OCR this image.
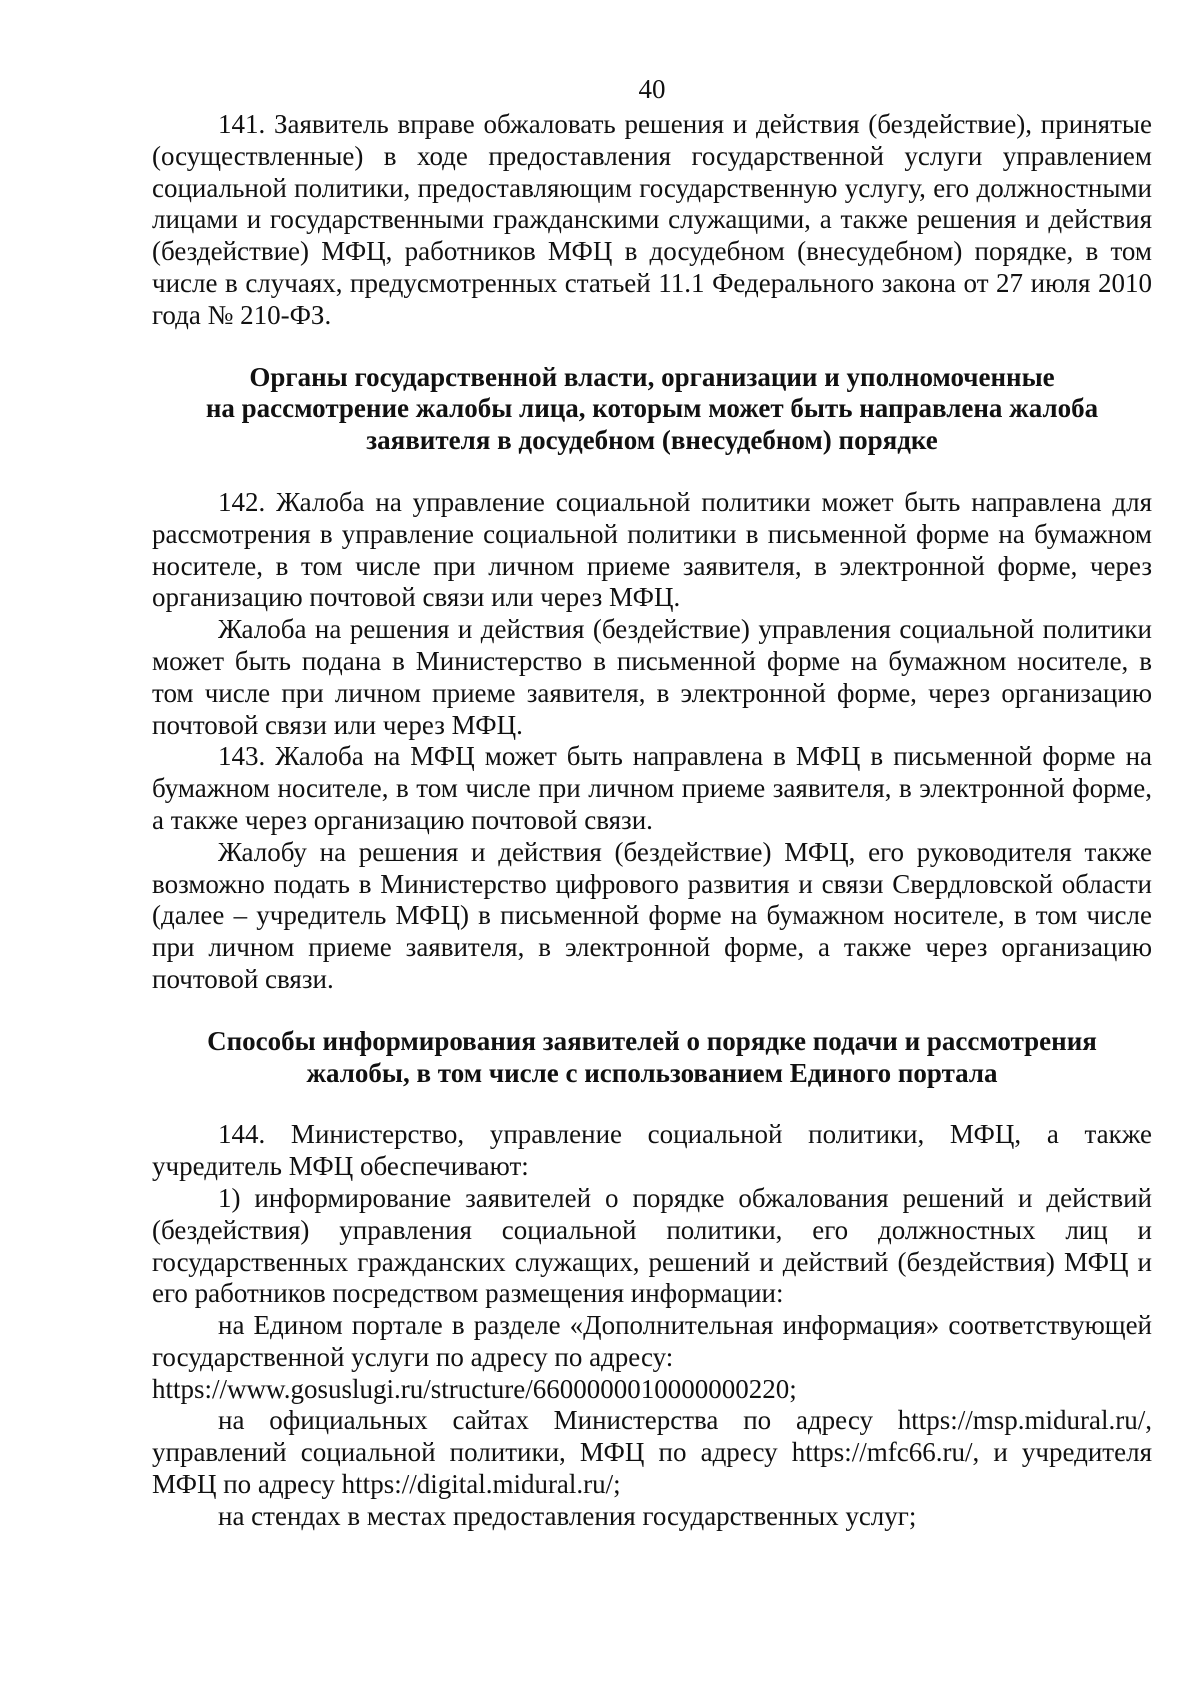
40

141. Заявитель вправе обжаловать решения и действия (бездействие), принятые (осуществленные) в ходе предоставления государственной услуги управлением социальной политики, предоставляющим государственную услугу, его должностными лицами и государственными гражданскими служащими, а также решения и действия (бездействие) МФЦ, работников МФЦ в досудебном (внесудебном) порядке, в том числе в случаях, предусмотренных статьей 11.1 Федерального закона от 27 июля 2010 года № 210-ФЗ.

Органы государственной власти, организации и уполномоченные
на рассмотрение жалобы лица, которым может быть направлена жалоба
заявителя в досудебном (внесудебном) порядке

142. Жалоба на управление социальной политики может быть направлена для рассмотрения в управление социальной политики в письменной форме на бумажном носителе, в том числе при личном приеме заявителя, в электронной форме, через организацию почтовой связи или через МФЦ.

Жалоба на решения и действия (бездействие) управления социальной политики может быть подана в Министерство в письменной форме на бумажном носителе, в том числе при личном приеме заявителя, в электронной форме, через организацию почтовой связи или через МФЦ.

143. Жалоба на МФЦ может быть направлена в МФЦ в письменной форме на бумажном носителе, в том числе при личном приеме заявителя, в электронной форме, а также через организацию почтовой связи.

Жалобу на решения и действия (бездействие) МФЦ, его руководителя также возможно подать в Министерство цифрового развития и связи Свердловской области (далее – учредитель МФЦ) в письменной форме на бумажном носителе, в том числе при личном приеме заявителя, в электронной форме, а также через организацию почтовой связи.

Способы информирования заявителей о порядке подачи и рассмотрения
жалобы, в том числе с использованием Единого портала

144. Министерство, управление социальной политики, МФЦ, а также учредитель МФЦ обеспечивают:

1) информирование заявителей о порядке обжалования решений и действий (бездействия) управления социальной политики, его должностных лиц и государственных гражданских служащих, решений и действий (бездействия) МФЦ и его работников посредством размещения информации:

на Едином портале в разделе «Дополнительная информация» соответствующей государственной услуги по адресу по адресу:

https://www.gosuslugi.ru/structure/6600000010000000220;

на официальных сайтах Министерства по адресу https://msp.midural.ru/, управлений социальной политики, МФЦ по адресу https://mfc66.ru/, и учредителя МФЦ по адресу https://digital.midural.ru/;

на стендах в местах предоставления государственных услуг;
